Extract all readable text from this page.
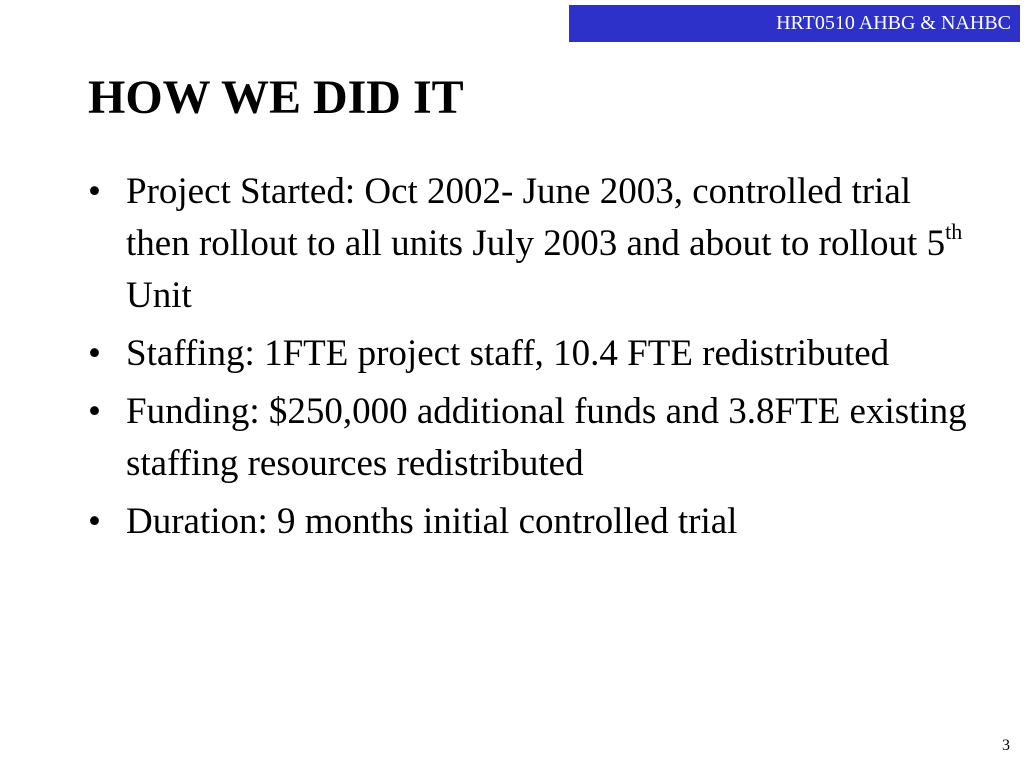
HRT0510 AHBG & NAHBC
HOW WE DID IT
• Project Started: Oct 2002- June 2003, controlled trial then rollout to all units July 2003 and about to rollout 5th Unit
• Staffing: 1FTE project staff, 10.4 FTE redistributed
• Funding: $250,000 additional funds and 3.8FTE existing staffing resources redistributed
• Duration: 9 months initial controlled trial
3
